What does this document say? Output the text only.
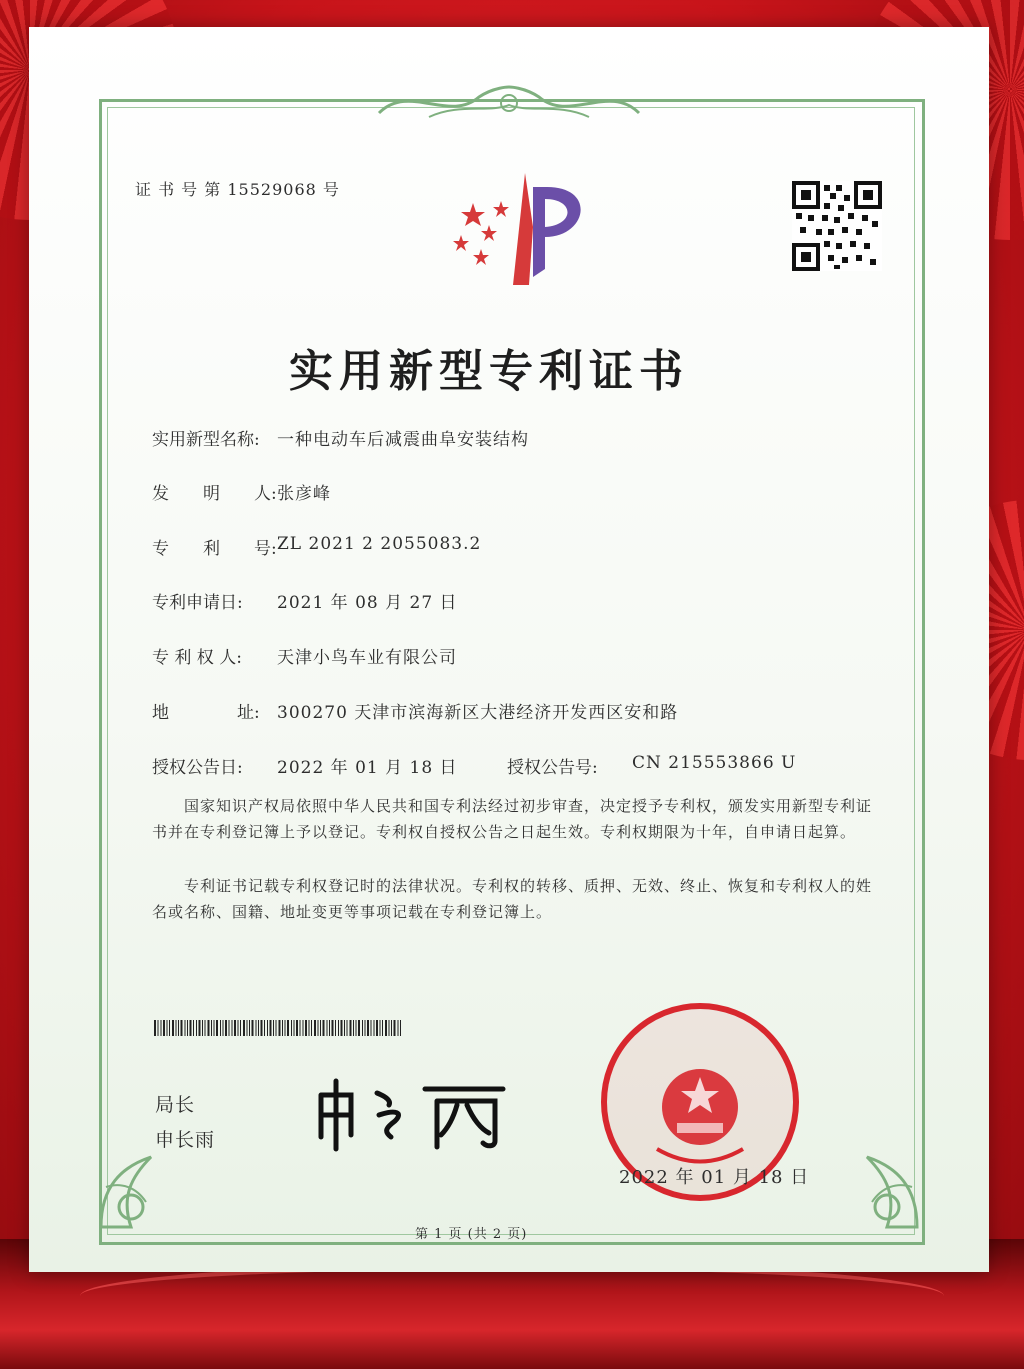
证 书 号 第 15529068 号
实用新型专利证书
实用新型名称: 一种电动车后减震曲阜安装结构
发　　明　　人: 张彦峰
专　　利　　号: ZL 2021 2 2055083.2
专利申请日: 2021 年 08 月 27 日
专 利 权 人: 天津小鸟车业有限公司
地　　　　址: 300270 天津市滨海新区大港经济开发西区安和路
授权公告日: 2022 年 01 月 18 日	授权公告号: CN 215553866 U
国家知识产权局依照中华人民共和国专利法经过初步审查，决定授予专利权，颁发实用新型专利证书并在专利登记簿上予以登记。专利权自授权公告之日起生效。专利权期限为十年，自申请日起算。
专利证书记载专利权登记时的法律状况。专利权的转移、质押、无效、终止、恢复和专利权人的姓名或名称、国籍、地址变更等事项记载在专利登记簿上。
局长
申长雨
2022 年 01 月 18 日
第 1 页 (共 2 页)
